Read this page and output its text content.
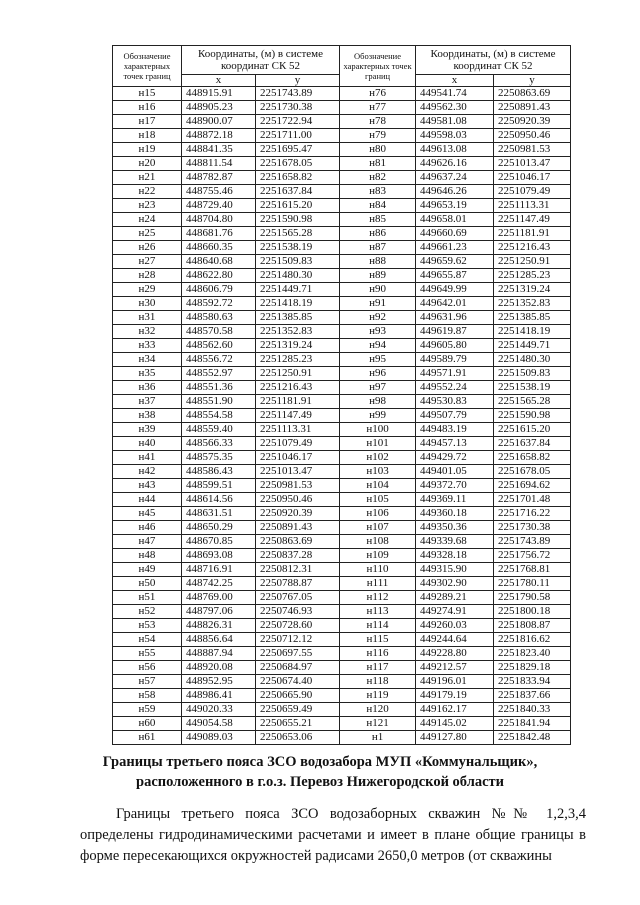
Обозначение характерных точек границ	Координаты, (м) в системе координат СК 52		Обозначение характерных точек границ	Координаты, (м) в системе координат СК 52	
	x	y		x	y
н15	448915.91	2251743.89	н76	449541.74	2250863.69
н16	448905.23	2251730.38	н77	449562.30	2250891.43
н17	448900.07	2251722.94	н78	449581.08	2250920.39
н18	448872.18	2251711.00	н79	449598.03	2250950.46
н19	448841.35	2251695.47	н80	449613.08	2250981.53
н20	448811.54	2251678.05	н81	449626.16	2251013.47
н21	448782.87	2251658.82	н82	449637.24	2251046.17
н22	448755.46	2251637.84	н83	449646.26	2251079.49
н23	448729.40	2251615.20	н84	449653.19	2251113.31
н24	448704.80	2251590.98	н85	449658.01	2251147.49
н25	448681.76	2251565.28	н86	449660.69	2251181.91
н26	448660.35	2251538.19	н87	449661.23	2251216.43
н27	448640.68	2251509.83	н88	449659.62	2251250.91
н28	448622.80	2251480.30	н89	449655.87	2251285.23
н29	448606.79	2251449.71	н90	449649.99	2251319.24
н30	448592.72	2251418.19	н91	449642.01	2251352.83
н31	448580.63	2251385.85	н92	449631.96	2251385.85
н32	448570.58	2251352.83	н93	449619.87	2251418.19
н33	448562.60	2251319.24	н94	449605.80	2251449.71
н34	448556.72	2251285.23	н95	449589.79	2251480.30
н35	448552.97	2251250.91	н96	449571.91	2251509.83
н36	448551.36	2251216.43	н97	449552.24	2251538.19
н37	448551.90	2251181.91	н98	449530.83	2251565.28
н38	448554.58	2251147.49	н99	449507.79	2251590.98
н39	448559.40	2251113.31	н100	449483.19	2251615.20
н40	448566.33	2251079.49	н101	449457.13	2251637.84
н41	448575.35	2251046.17	н102	449429.72	2251658.82
н42	448586.43	2251013.47	н103	449401.05	2251678.05
н43	448599.51	2250981.53	н104	449372.70	2251694.62
н44	448614.56	2250950.46	н105	449369.11	2251701.48
н45	448631.51	2250920.39	н106	449360.18	2251716.22
н46	448650.29	2250891.43	н107	449350.36	2251730.38
н47	448670.85	2250863.69	н108	449339.68	2251743.89
н48	448693.08	2250837.28	н109	449328.18	2251756.72
н49	448716.91	2250812.31	н110	449315.90	2251768.81
н50	448742.25	2250788.87	н111	449302.90	2251780.11
н51	448769.00	2250767.05	н112	449289.21	2251790.58
н52	448797.06	2250746.93	н113	449274.91	2251800.18
н53	448826.31	2250728.60	н114	449260.03	2251808.87
н54	448856.64	2250712.12	н115	449244.64	2251816.62
н55	448887.94	2250697.55	н116	449228.80	2251823.40
н56	448920.08	2250684.97	н117	449212.57	2251829.18
н57	448952.95	2250674.40	н118	449196.01	2251833.94
н58	448986.41	2250665.90	н119	449179.19	2251837.66
н59	449020.33	2250659.49	н120	449162.17	2251840.33
н60	449054.58	2250655.21	н121	449145.02	2251841.94
н61	449089.03	2250653.06	н1	449127.80	2251842.48
Границы третьего пояса ЗСО водозабора МУП «Коммунальщик», расположенного в г.о.з. Перевоз Нижегородской области
Границы третьего пояса ЗСО водозаборных скважин №№ 1,2,3,4 определены гидродинамическими расчетами и имеет в плане общие границы в форме пересекающихся окружностей радисами 2650,0 метров (от скважины
